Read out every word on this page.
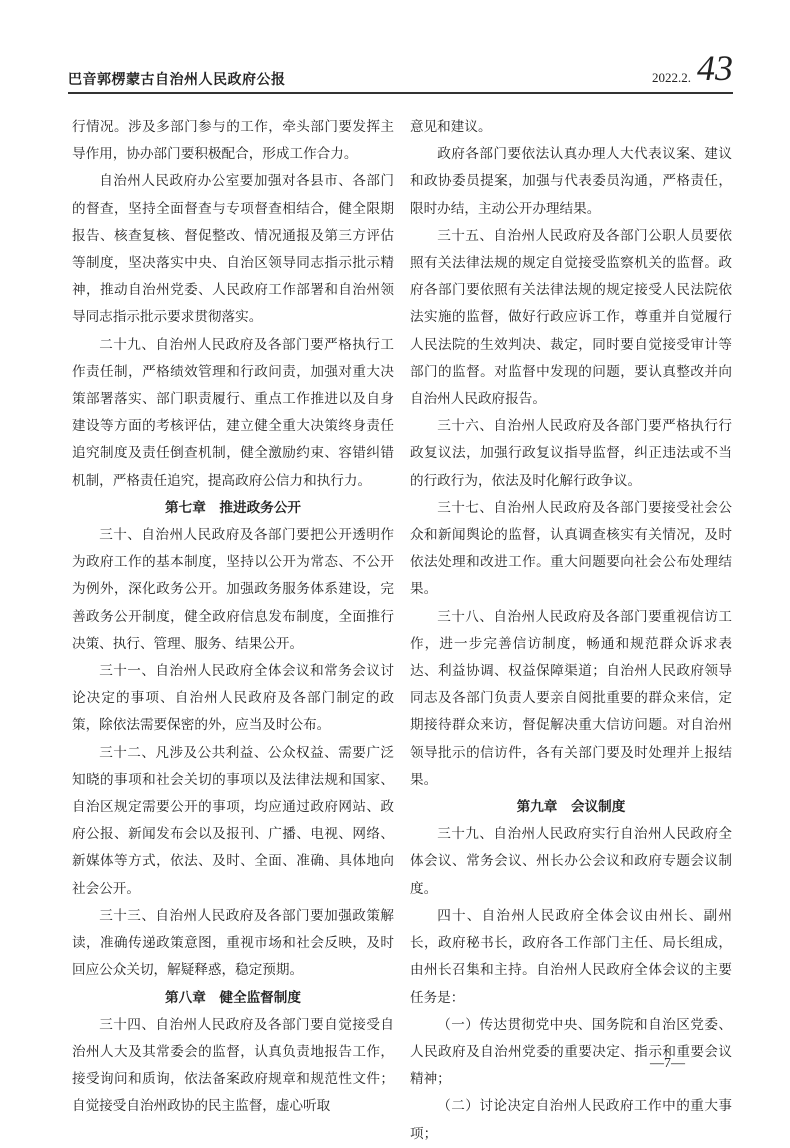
巴音郭楞蒙古自治州人民政府公报	2022.2. 43

行情况。涉及多部门参与的工作，牵头部门要发挥主导作用，协办部门要积极配合，形成工作合力。

自治州人民政府办公室要加强对各县市、各部门的督查，坚持全面督查与专项督查相结合，健全限期报告、核查复核、督促整改、情况通报及第三方评估等制度，坚决落实中央、自治区领导同志指示批示精神，推动自治州党委、人民政府工作部署和自治州领导同志指示批示要求贯彻落实。

二十九、自治州人民政府及各部门要严格执行工作责任制，严格绩效管理和行政问责，加强对重大决策部署落实、部门职责履行、重点工作推进以及自身建设等方面的考核评估，建立健全重大决策终身责任追究制度及责任倒查机制，健全激励约束、容错纠错机制，严格责任追究，提高政府公信力和执行力。

第七章　推进政务公开

三十、自治州人民政府及各部门要把公开透明作为政府工作的基本制度，坚持以公开为常态、不公开为例外，深化政务公开。加强政务服务体系建设，完善政务公开制度，健全政府信息发布制度，全面推行决策、执行、管理、服务、结果公开。

三十一、自治州人民政府全体会议和常务会议讨论决定的事项、自治州人民政府及各部门制定的政策，除依法需要保密的外，应当及时公布。

三十二、凡涉及公共利益、公众权益、需要广泛知晓的事项和社会关切的事项以及法律法规和国家、自治区规定需要公开的事项，均应通过政府网站、政府公报、新闻发布会以及报刊、广播、电视、网络、新媒体等方式，依法、及时、全面、准确、具体地向社会公开。

三十三、自治州人民政府及各部门要加强政策解读，准确传递政策意图，重视市场和社会反映，及时回应公众关切，解疑释惑，稳定预期。

第八章　健全监督制度

三十四、自治州人民政府及各部门要自觉接受自治州人大及其常委会的监督，认真负责地报告工作，接受询问和质询，依法备案政府规章和规范性文件；自觉接受自治州政协的民主监督，虚心听取

意见和建议。

政府各部门要依法认真办理人大代表议案、建议和政协委员提案，加强与代表委员沟通，严格责任，限时办结，主动公开办理结果。

三十五、自治州人民政府及各部门公职人员要依照有关法律法规的规定自觉接受监察机关的监督。政府各部门要依照有关法律法规的规定接受人民法院依法实施的监督，做好行政应诉工作，尊重并自觉履行人民法院的生效判决、裁定，同时要自觉接受审计等部门的监督。对监督中发现的问题，要认真整改并向自治州人民政府报告。

三十六、自治州人民政府及各部门要严格执行行政复议法，加强行政复议指导监督，纠正违法或不当的行政行为，依法及时化解行政争议。

三十七、自治州人民政府及各部门要接受社会公众和新闻舆论的监督，认真调查核实有关情况，及时依法处理和改进工作。重大问题要向社会公布处理结果。

三十八、自治州人民政府及各部门要重视信访工作，进一步完善信访制度，畅通和规范群众诉求表达、利益协调、权益保障渠道；自治州人民政府领导同志及各部门负责人要亲自阅批重要的群众来信，定期接待群众来访，督促解决重大信访问题。对自治州领导批示的信访件，各有关部门要及时处理并上报结果。

第九章　会议制度

三十九、自治州人民政府实行自治州人民政府全体会议、常务会议、州长办公会议和政府专题会议制度。

四十、自治州人民政府全体会议由州长、副州长，政府秘书长，政府各工作部门主任、局长组成，由州长召集和主持。自治州人民政府全体会议的主要任务是：

（一）传达贯彻党中央、国务院和自治区党委、人民政府及自治州党委的重要决定、指示和重要会议精神；

（二）讨论决定自治州人民政府工作中的重大事项；

—7—
